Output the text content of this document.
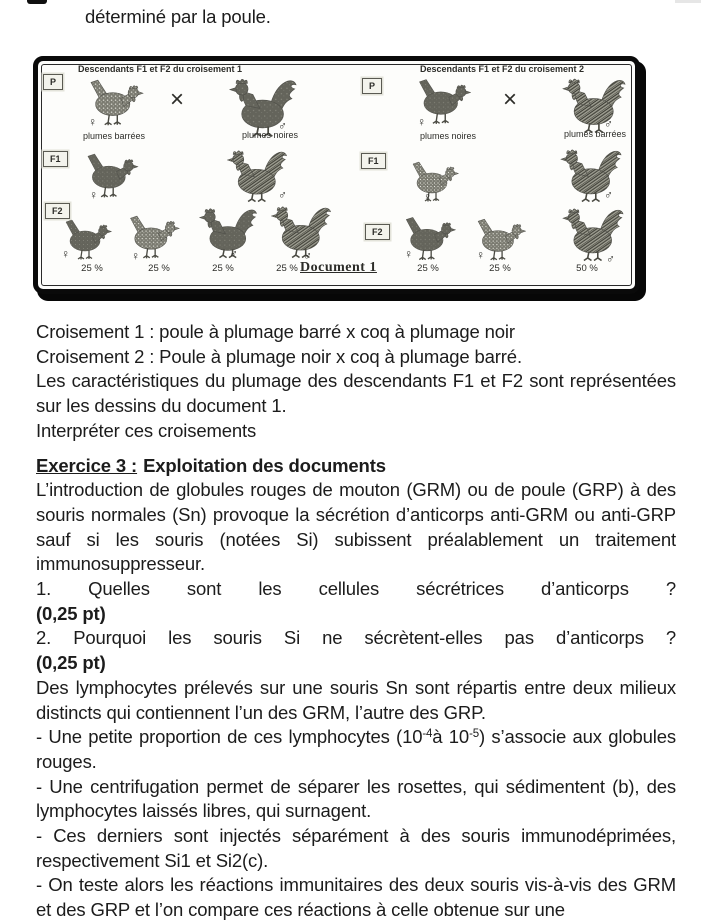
déterminé par la poule.
Descendants F1 et F2 du croisement 1
P
♀
plumes barrées
×
♂
plumes noires
F1
♀	♂
F2
♀	♀	♂	♂
25 %	25 %	25 %	25 %
Descendants F1 et F2 du croisement 2
P
♀
plumes noires
×
♂
plumes barrées
F1
♀	♂
F2
♀	♀	♂
25 %	25 %	50 %
Document 1

Croisement 1 : poule à plumage barré x coq à plumage noir

Croisement 2 : Poule à plumage noir x coq à plumage barré.

Les caractéristiques du plumage des descendants F1 et F2 sont représentées sur les dessins du document 1.

Interpréter ces croisements

Exercice 3 : Exploitation des documents

L’introduction de globules rouges de mouton (GRM) ou de poule (GRP) à des souris normales (Sn) provoque la sécrétion d’anticorps anti-GRM ou anti-GRP sauf si les souris (notées Si) subissent préalablement un traitement immunosuppresseur.

1. Quelles sont les cellules sécrétrices d’anticorps ?
(0,25 pt)

2. Pourquoi les souris Si ne sécrètent-elles pas d’anticorps ?
(0,25 pt)

Des lymphocytes prélevés sur une souris Sn sont répartis entre deux milieux distincts qui contiennent l’un des GRM, l’autre des GRP.

- Une petite proportion de ces lymphocytes ($10^{-4}à$ $10^{-5}$) s’associe aux globules rouges.

- Une centrifugation permet de séparer les rosettes, qui sédimentent (b), des lymphocytes laissés libres, qui surnagent.

- Ces derniers sont injectés séparément à des souris immunodéprimées, respectivement Si1 et Si2(c).

- On teste alors les réactions immunitaires des deux souris vis-à-vis des GRM et des GRP et l’on compare ces réactions à celle obtenue sur une
